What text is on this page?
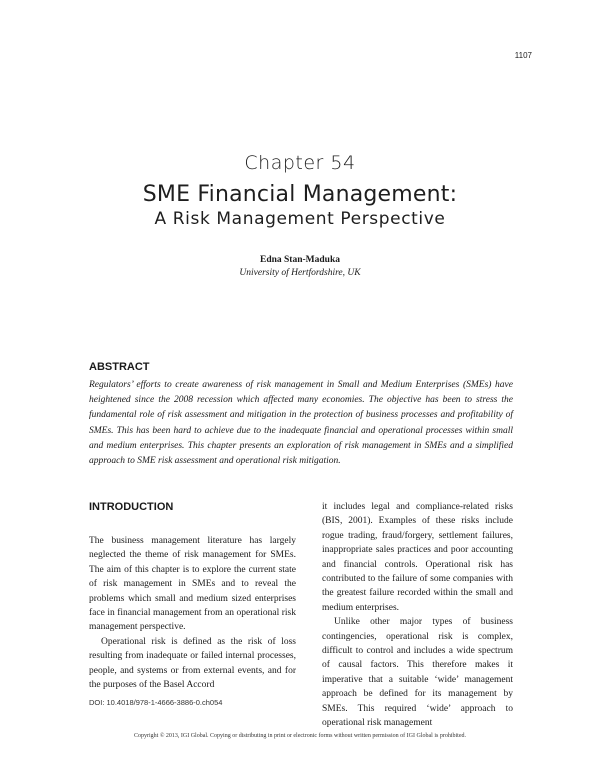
1107
Chapter 54
SME Financial Management:
A Risk Management Perspective
Edna Stan-Maduka
University of Hertfordshire, UK
ABSTRACT

Regulators’ efforts to create awareness of risk management in Small and Medium Enterprises (SMEs) have heightened since the 2008 recession which affected many economies. The objective has been to stress the fundamental role of risk assessment and mitigation in the protection of business processes and profitability of SMEs. This has been hard to achieve due to the inadequate financial and operational processes within small and medium enterprises. This chapter presents an exploration of risk management in SMEs and a simplified approach to SME risk assessment and operational risk mitigation.

INTRODUCTION

The business management literature has largely neglected the theme of risk management for SMEs. The aim of this chapter is to explore the current state of risk management in SMEs and to reveal the problems which small and medium sized enterprises face in financial management from an operational risk management perspective.

Operational risk is defined as the risk of loss resulting from inadequate or failed internal processes, people, and systems or from external events, and for the purposes of the Basel Accord

it includes legal and compliance-related risks (BIS, 2001). Examples of these risks include rogue trading, fraud/forgery, settlement failures, inappropriate sales practices and poor accounting and financial controls. Operational risk has contributed to the failure of some companies with the greatest failure recorded within the small and medium enterprises.

Unlike other major types of business contingencies, operational risk is complex, difficult to control and includes a wide spectrum of causal factors. This therefore makes it imperative that a suitable ‘wide’ management approach be defined for its management by SMEs. This required ‘wide’ approach to operational risk management

DOI: 10.4018/978-1-4666-3886-0.ch054
Copyright © 2013, IGI Global. Copying or distributing in print or electronic forms without written permission of IGI Global is prohibited.
